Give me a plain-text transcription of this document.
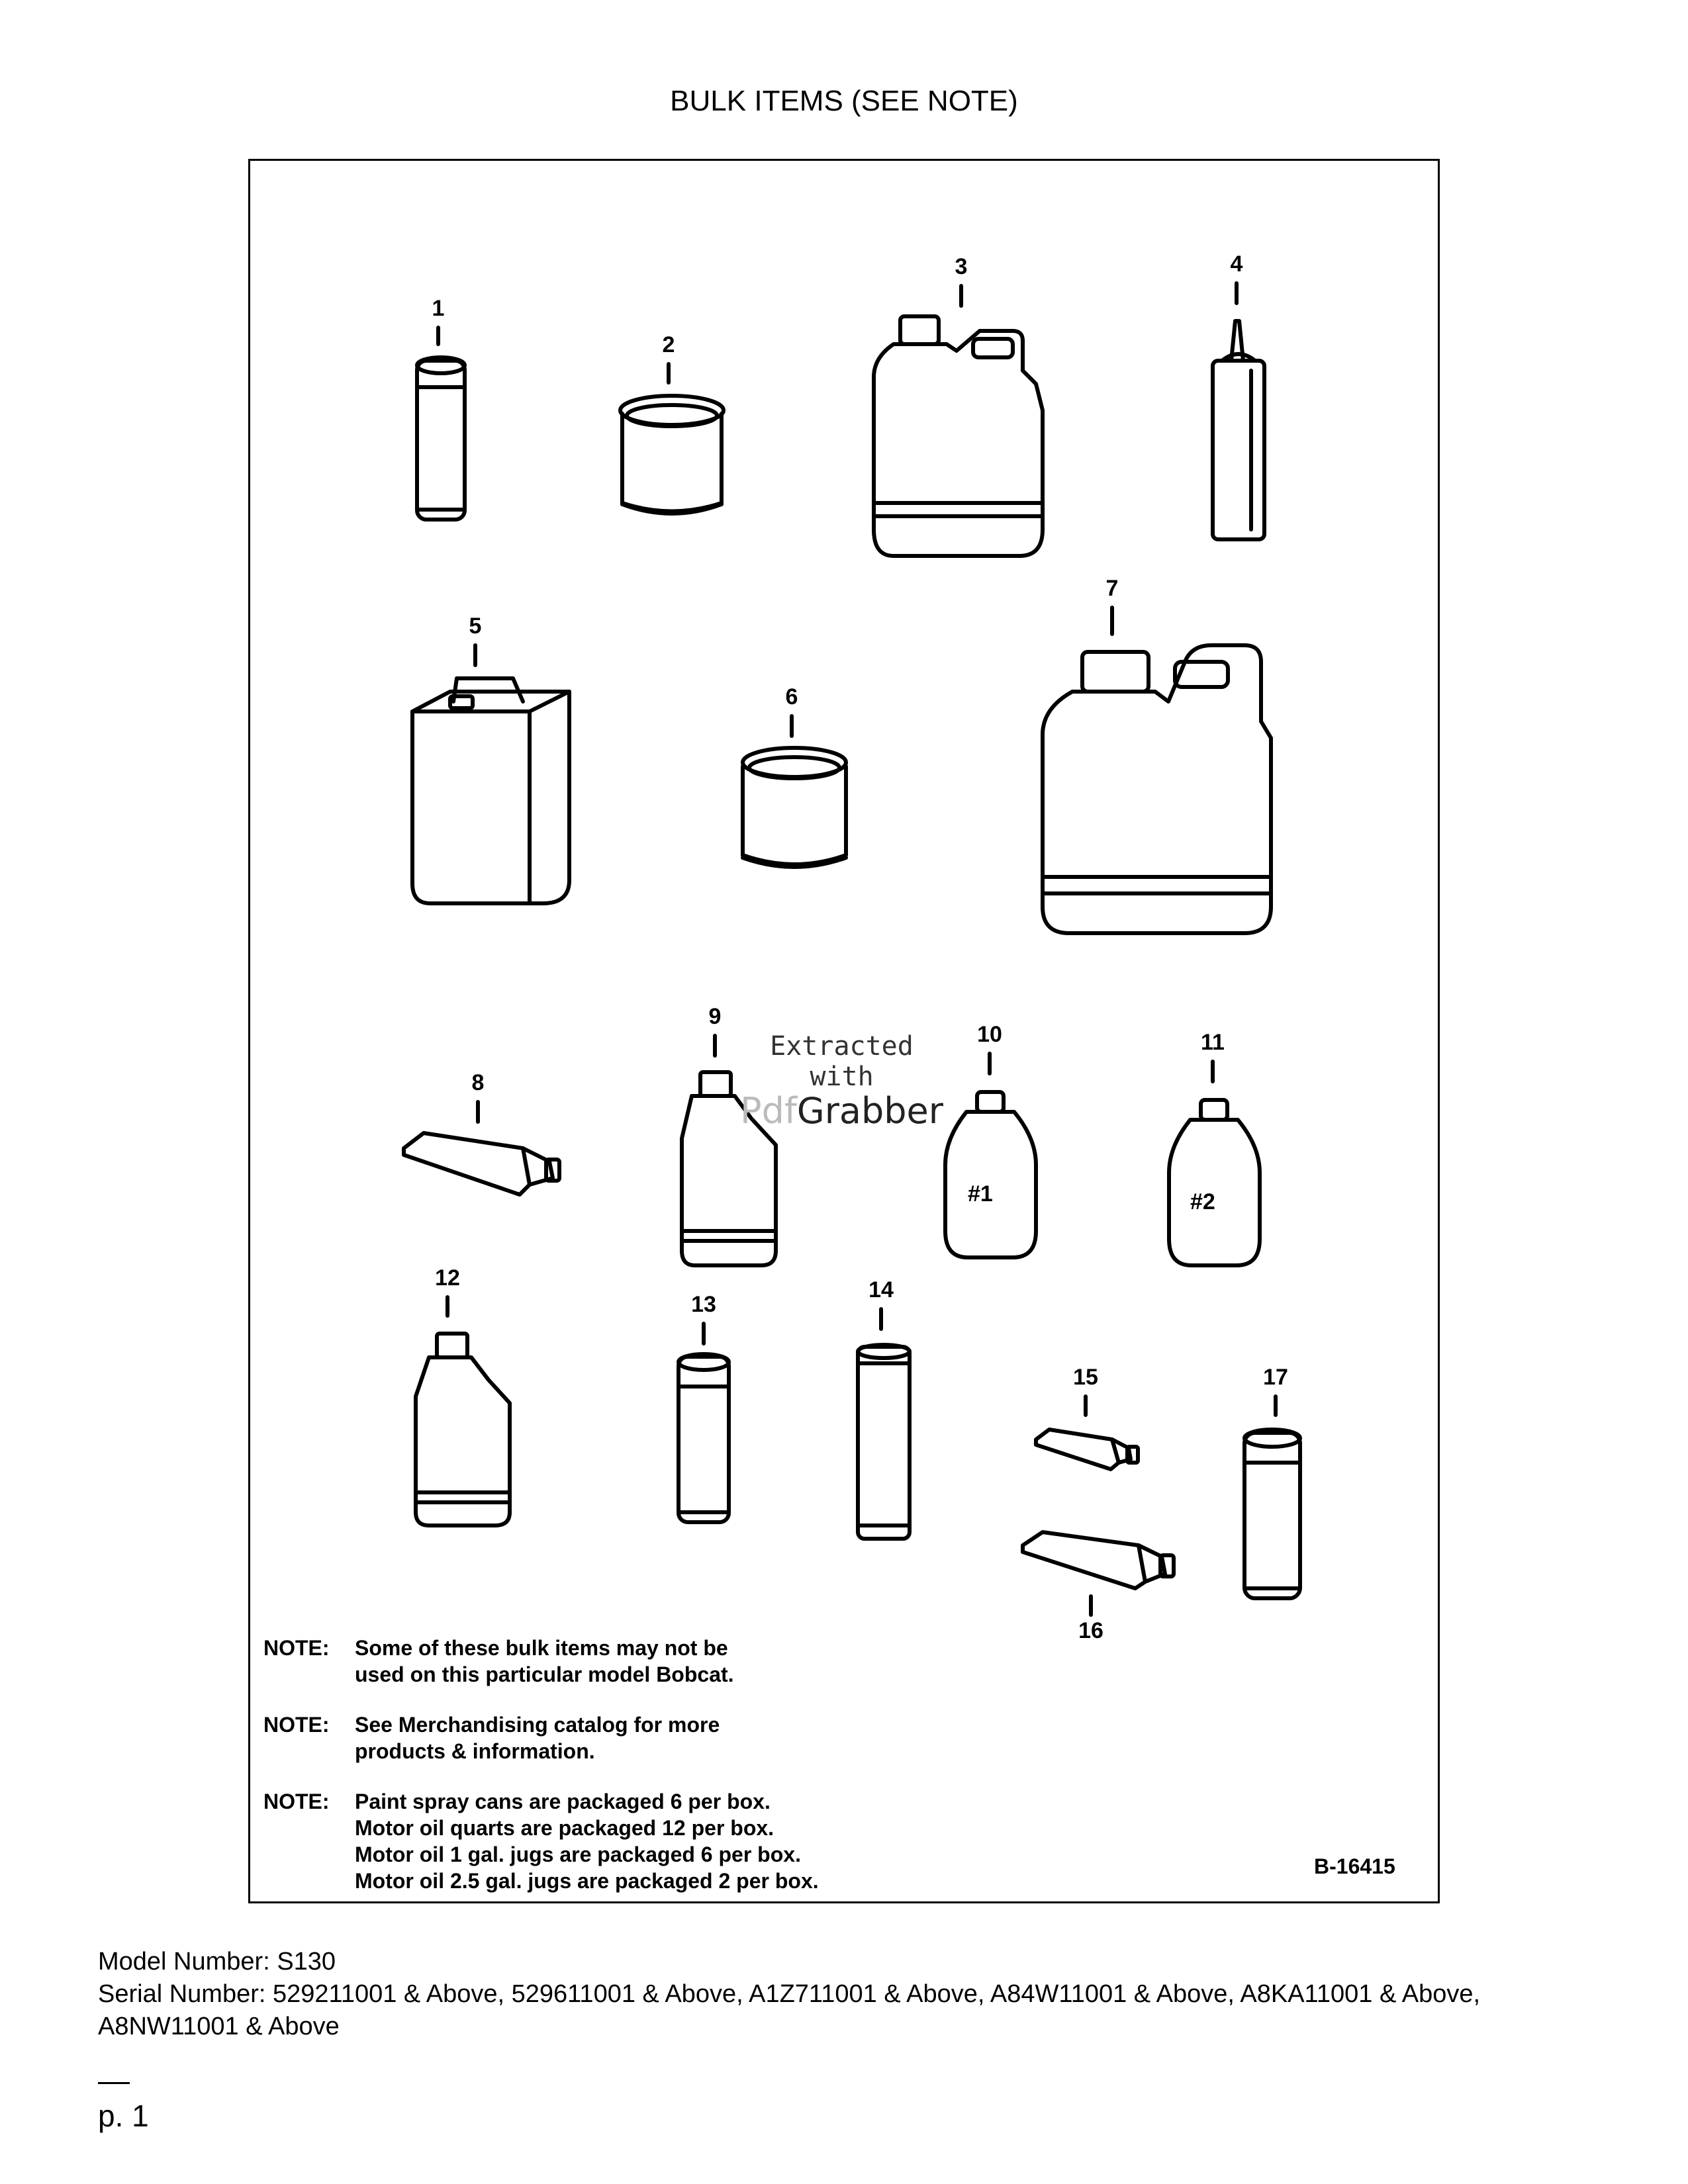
BULK ITEMS (SEE NOTE)
#1	#2
1
2
3	4
5
6
7
8
9
10	11
12
13
14
15
16
17
Extracted
with
PdfGrabber
NOTE:	Some of these bulk items may not be
used on this particular model Bobcat.
NOTE:	See Merchandising catalog for more
products & information.
NOTE:	Paint spray cans are packaged 6 per box.
Motor oil quarts are packaged 12 per box.
Motor oil 1 gal. jugs are packaged 6 per box.
Motor oil 2.5 gal. jugs are packaged 2 per box.
B-16415
Model Number: S130
Serial Number: 529211001 & Above, 529611001 & Above, A1Z711001 & Above, A84W11001 & Above, A8KA11001 & Above, A8NW11001 & Above
p. 1
